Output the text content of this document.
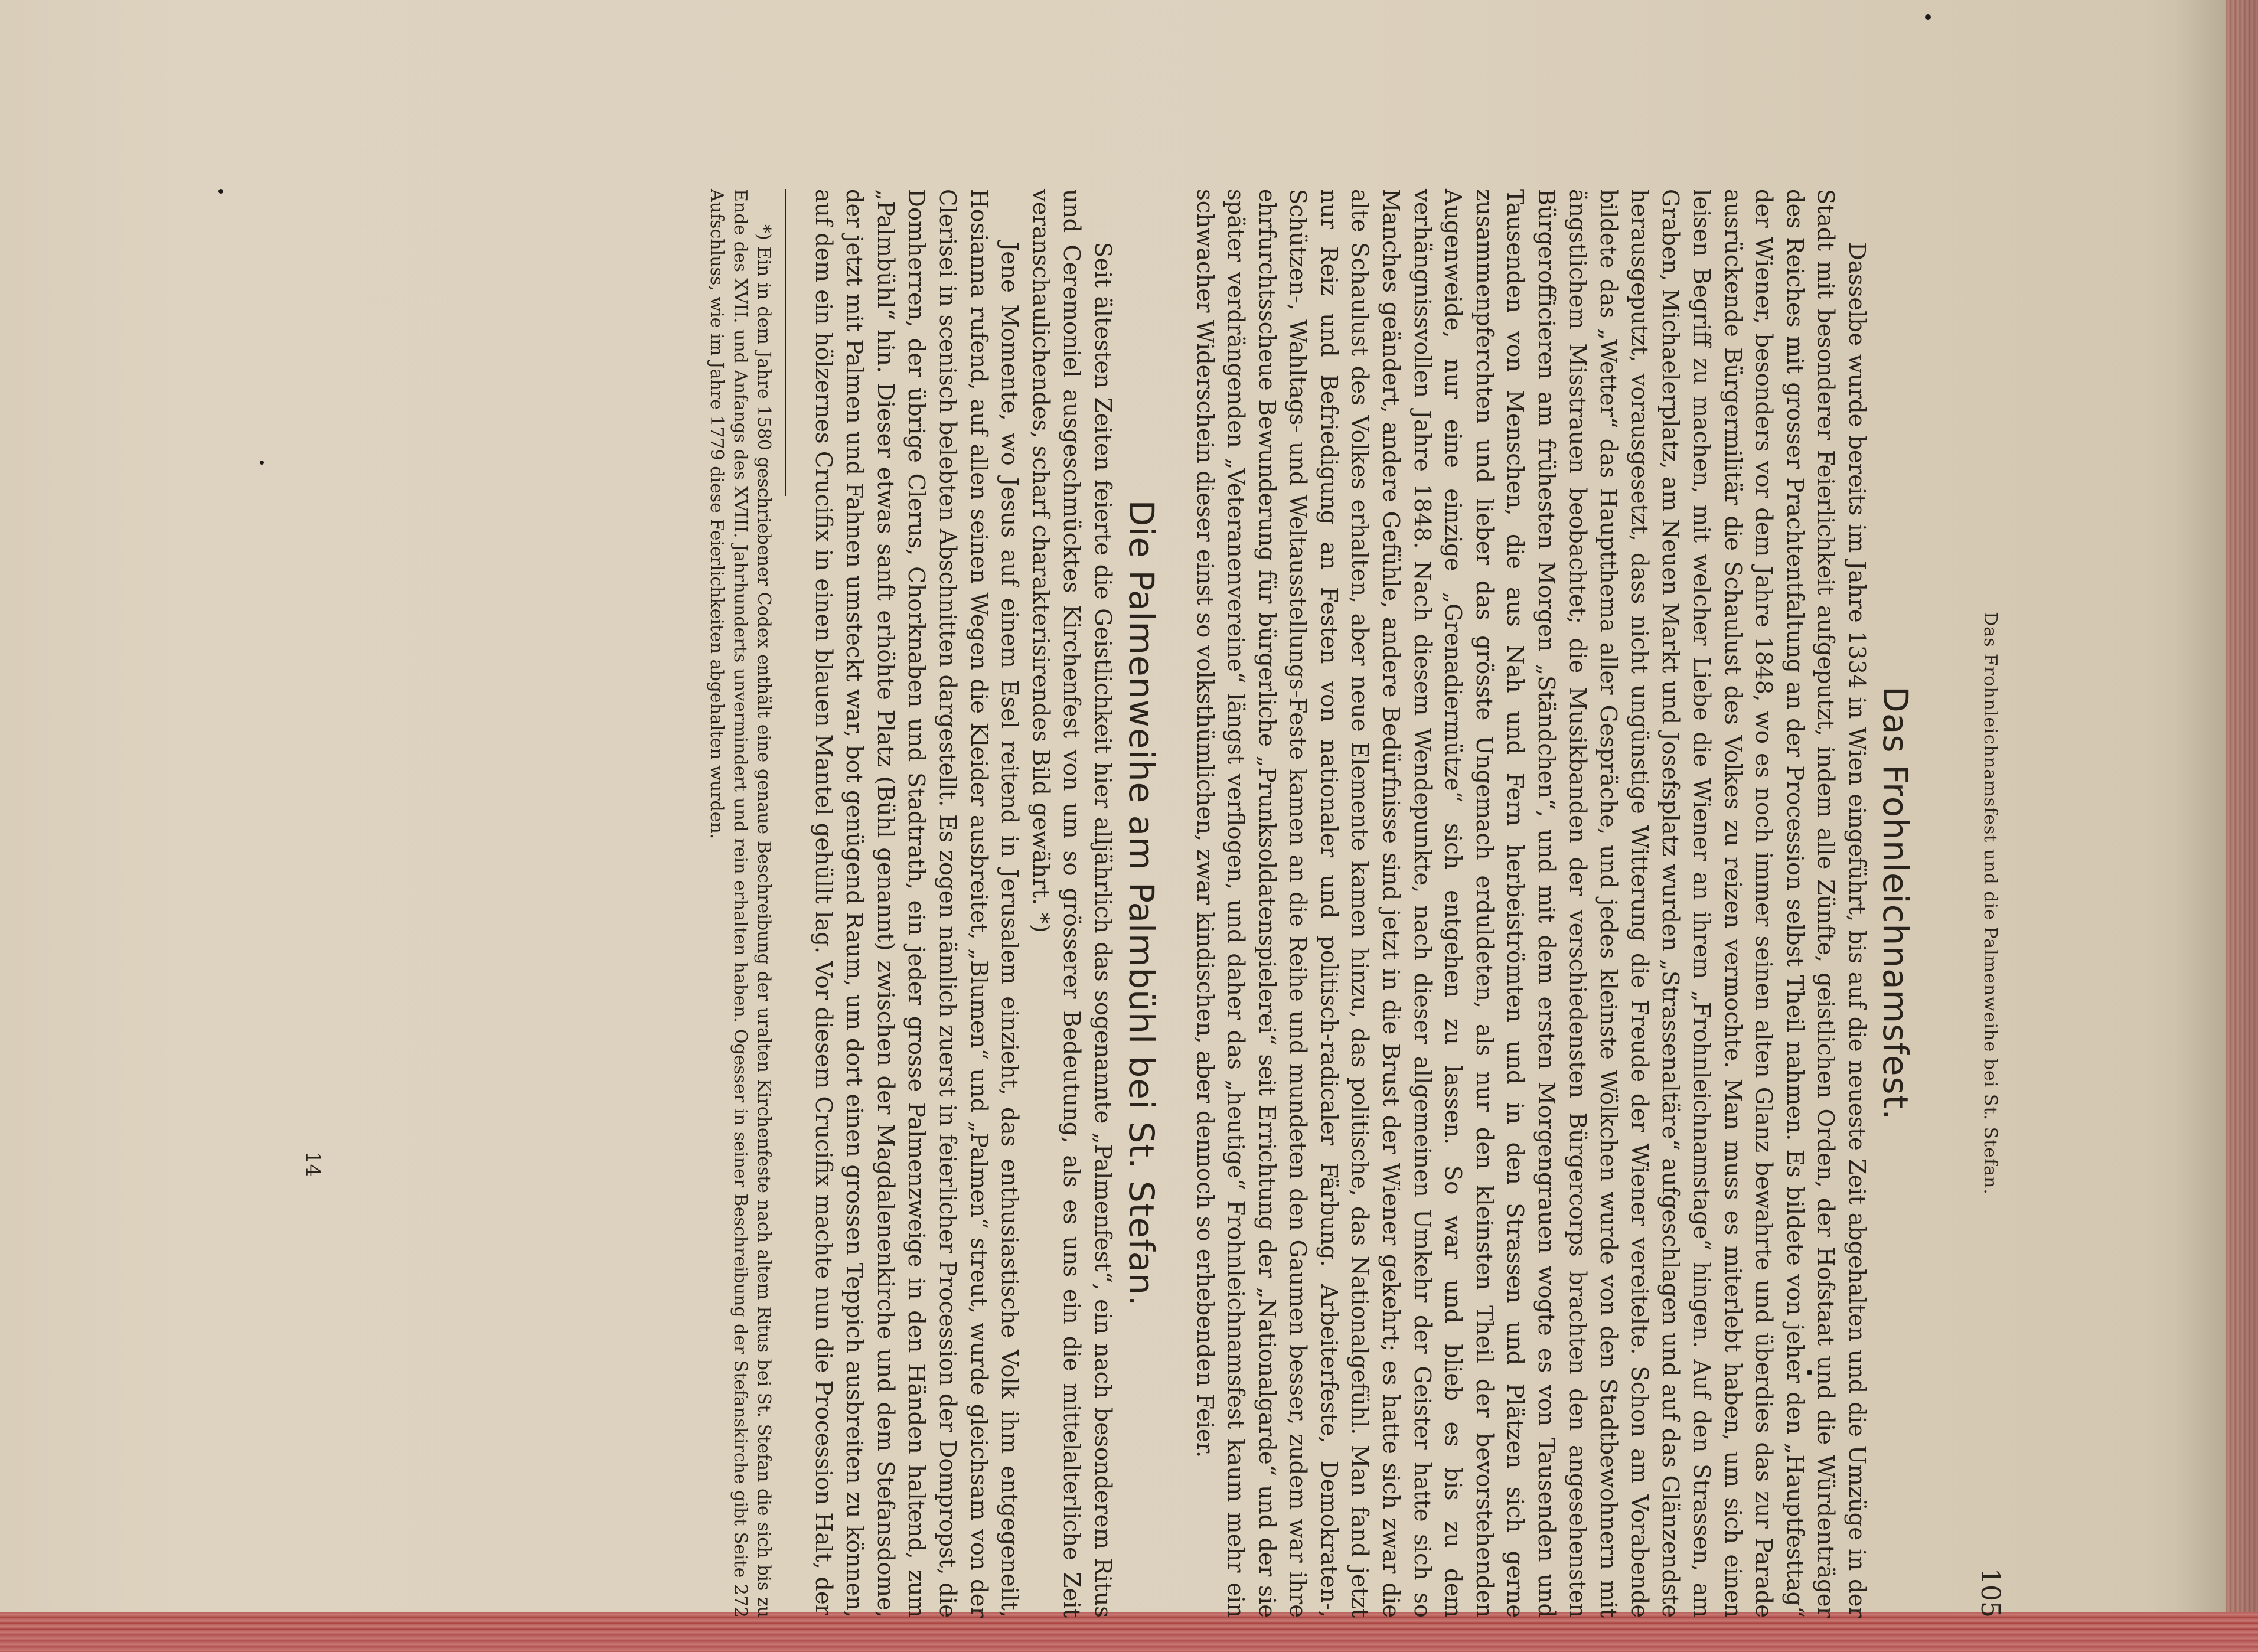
Das Frohnleichnamsfest und die Palmenweihe bei St. Stefan.
105
Das Frohnleichnamsfest.

Dasselbe wurde bereits im Jahre 1334 in Wien eingeführt, bis auf die neueste Zeit abgehalten und die Umzüge in der Stadt mit besonderer Feierlichkeit aufgeputzt, indem alle Zünfte, geistlichen Orden, der Hofstaat und die Würdenträger des Reiches mit grosser Prachtentfaltung an der Procession selbst Theil nahmen. Es bildete von jeher den „Hauptfesttag“ der Wiener, besonders vor dem Jahre 1848, wo es noch immer seinen alten Glanz bewahrte und überdies das zur Parade ausrückende Bürgermilitär die Schaulust des Volkes zu reizen vermochte. Man muss es miterlebt haben, um sich einen leisen Begriff zu machen, mit welcher Liebe die Wiener an ihrem „Frohnleichnamstage“ hingen. Auf den Strassen, am Graben, Michaelerplatz, am Neuen Markt und Josefsplatz wurden „Strassenaltäre“ aufgeschlagen und auf das Glänzendste herausgeputzt, vorausgesetzt, dass nicht ungünstige Witterung die Freude der Wiener vereitelte. Schon am Vorabende bildete das „Wetter“ das Hauptthema aller Gespräche, und jedes kleinste Wölkchen wurde von den Stadtbewohnern mit ängstlichem Misstrauen beobachtet; die Musikbanden der verschiedensten Bürgercorps brachten den angesehensten Bürgerofficieren am frühesten Morgen „Ständchen“, und mit dem ersten Morgengrauen wogte es von Tausenden und Tausenden von Menschen, die aus Nah und Fern herbeiströmten und in den Strassen und Plätzen sich gerne zusammenpferchten und lieber das grösste Ungemach erduldeten, als nur den kleinsten Theil der bevorstehenden Augenweide, nur eine einzige „Grenadiermütze“ sich entgehen zu lassen. So war und blieb es bis zu dem verhängnissvollen Jahre 1848. Nach diesem Wendepunkte, nach dieser allgemeinen Umkehr der Geister hatte sich so Manches geändert, andere Gefühle, andere Bedürfnisse sind jetzt in die Brust der Wiener gekehrt; es hatte sich zwar die alte Schaulust des Volkes erhalten, aber neue Elemente kamen hinzu, das politische, das Nationalgefühl. Man fand jetzt nur Reiz und Befriedigung an Festen von nationaler und politisch-radicaler Färbung. Arbeiterfeste, Demokraten-, Schützen-, Wahltags- und Weltausstellungs-Feste kamen an die Reihe und mundeten den Gaumen besser, zudem war ihre ehrfurchtsscheue Bewunderung für bürgerliche „Prunksoldatenspielerei“ seit Errichtung der „Nationalgarde“ und der sie später verdrängenden „Veteranenvereine“ längst verflogen, und daher das „heutige“ Frohnleichnamsfest kaum mehr ein schwacher Widerschein dieser einst so volksthümlichen, zwar kindischen, aber dennoch so erhebenden Feier.

Die Palmenweihe am Palmbühl bei St. Stefan.

Seit ältesten Zeiten feierte die Geistlichkeit hier alljährlich das sogenannte „Palmenfest“, ein nach besonderem Ritus und Ceremoniel ausgeschmücktes Kirchenfest von um so grösserer Bedeutung, als es uns ein die mittelalterliche Zeit veranschaulichendes, scharf charakterisirendes Bild gewährt. *)

Jene Momente, wo Jesus auf einem Esel reitend in Jerusalem einzieht, das enthusiastische Volk ihm entgegeneilt, Hosianna rufend, auf allen seinen Wegen die Kleider ausbreitet, „Blumen“ und „Palmen“ streut, wurde gleichsam von der Clerisei in scenisch belebten Abschnitten dargestellt. Es zogen nämlich zuerst in feierlicher Procession der Dompropst, die Domherren, der übrige Clerus, Chorknaben und Stadtrath, ein jeder grosse Palmenzweige in den Händen haltend, zum „Palmbühl“ hin. Dieser etwas sanft erhöhte Platz (Bühl genannt) zwischen der Magdalenenkirche und dem Stefansdome, der jetzt mit Palmen und Fahnen umsteckt war, bot genügend Raum, um dort einen grossen Teppich ausbreiten zu können, auf dem ein hölzernes Crucifix in einen blauen Mantel gehüllt lag. Vor diesem Crucifix machte nun die Procession Halt, der

*) Ein in dem Jahre 1580 geschriebener Codex enthält eine genaue Beschreibung der uralten Kirchenfeste nach altem Ritus bei St. Stefan die sich bis zu Ende des XVII. und Anfangs des XVIII. Jahrhunderts unvermindert und rein erhalten haben. Ogesser in seiner Beschreibung der Stefanskirche gibt Seite 272 Aufschluss, wie im Jahre 1779 diese Feierlichkeiten abgehalten wurden.
14
